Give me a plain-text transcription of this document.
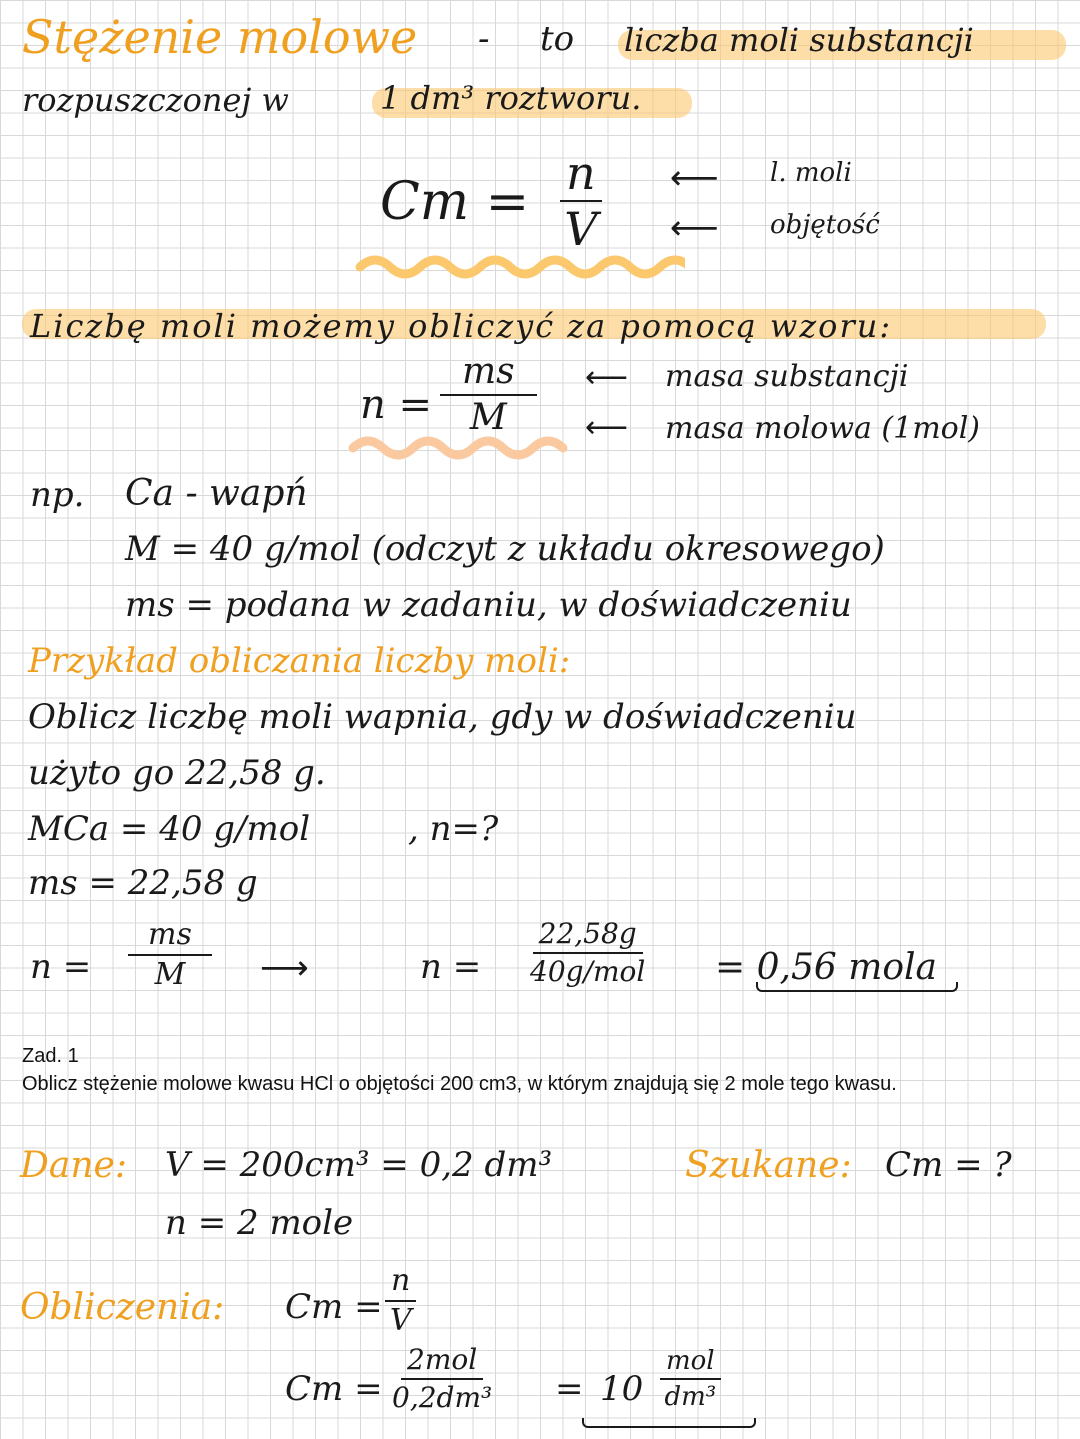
Stężenie molowe - to liczba moli substancji
rozpuszczonej w	1 dm³ roztworu.
$Cm = \frac{n}{V}$ ⟵
⟵
l. moli
objętość
Liczbę moli możemy obliczyć za pomocą wzoru:
$n = \frac{ms}{M}$ ⟵
⟵
masa substancji
masa molowa (1mol)
np. Ca - wapń
M = 40 g/mol (odczyt z układu okresowego)
ms = podana w zadaniu, w doświadczeniu
Przykład obliczania liczby moli:
Oblicz liczbę moli wapnia, gdy w doświadczeniu
użyto go 22,58 g.
MCa = 40 g/mol	, n=?
ms = 22,58 g
$n = \frac{ms}{M}$ ⟶	n =
22,58g
40g/mol = 0,56 mola
Zad. 1
Oblicz stężenie molowe kwasu HCl o objętości 200 cm3, w którym znajdują się 2 mole tego kwasu.
Dane: V = 200cm³ = 0,2 dm³	Szukane: Cm = ?
n = 2 mole
Obliczenia: $Cm = \frac{n}{V}$
Cm =
2mol
0,2dm³ = 10
mol
dm³
